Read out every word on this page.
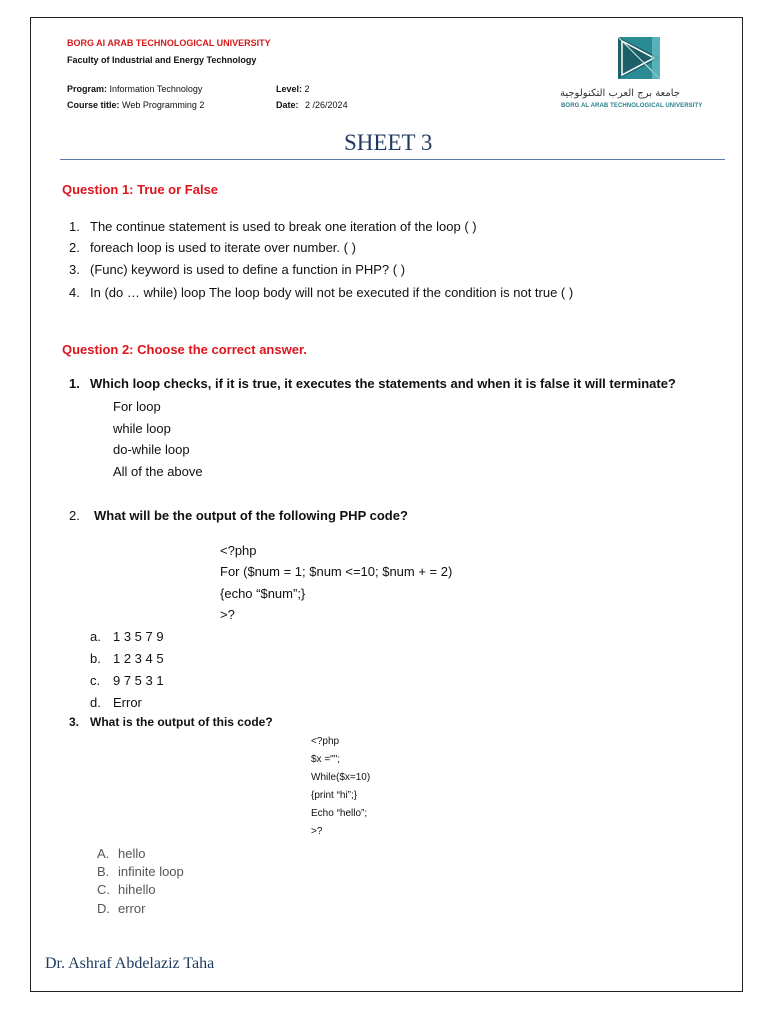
BORG AI ARAB TECHNOLOGICAL UNIVERSITY
Faculty of Industrial and Energy Technology
Program: Information Technology
Course title: Web Programming 2
Level: 2
Date: 2 /26/2024
جامعة برج العرب التكنولوجية
BORG AL ARAB TECHNOLOGICAL UNIVERSITY
SHEET 3
Question 1: True or False
1. The continue statement is used to break one iteration of the loop ( )
2. foreach loop is used to iterate over number. ( )
3. (Func) keyword is used to define a function in PHP? ( )
4. In (do … while) loop The loop body will not be executed if the condition is not true ( )
Question 2: Choose the correct answer.
1. Which loop checks, if it is true, it executes the statements and when it is false it will terminate?
For loop
while loop
do-while loop
All of the above
2. What will be the output of the following PHP code?
<?php
For ($num = 1; $num <=10; $num + = 2)
{echo “$num”;}
>?
a. 1 3 5 7 9
b. 1 2 3 4 5
c. 9 7 5 3 1
d. Error
3. What is the output of this code?
<?php
$x ="";
While($x=10)
{print “hi”;}
Echo “hello”;
>?
A. hello
B. infinite loop
C. hihello
D. error
Dr. Ashraf Abdelaziz Taha
